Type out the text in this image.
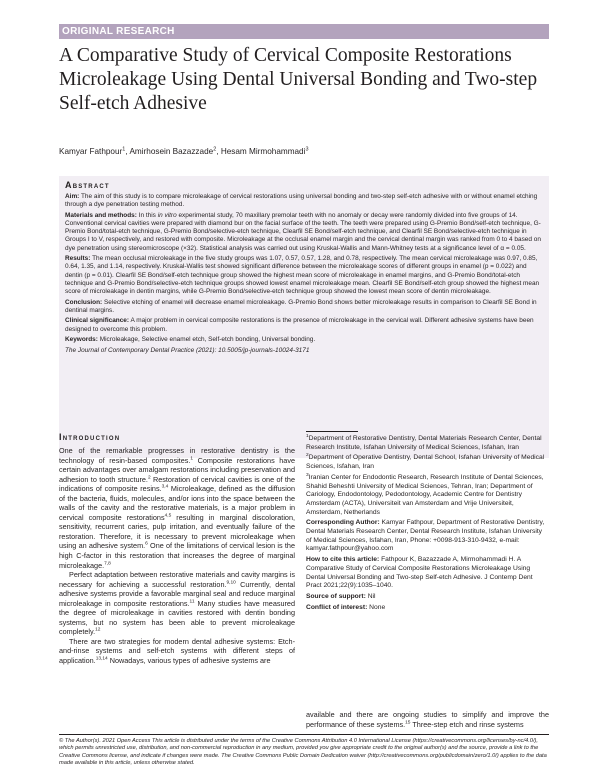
ORIGINAL RESEARCH
A Comparative Study of Cervical Composite Restorations Microleakage Using Dental Universal Bonding and Two-step Self-etch Adhesive
Kamyar Fathpour$^1$, Amirhosein Bazazzade$^2$, Hesam Mirmohammadi$^3$
Abstract

Aim: The aim of this study is to compare microleakage of cervical restorations using universal bonding and two-step self-etch adhesive with or without enamel etching through a dye penetration testing method.

Materials and methods: In this in vitro experimental study, 70 maxillary premolar teeth with no anomaly or decay were randomly divided into five groups of 14. Conventional cervical cavities were prepared with diamond bur on the facial surface of the teeth. The teeth were prepared using G-Premio Bond/self-etch technique, G-Premio Bond/total-etch technique, G-Premio Bond/selective-etch technique, Clearfil SE Bond/self-etch technique, and Clearfil SE Bond/selective-etch technique in Groups I to V, respectively, and restored with composite. Microleakage at the occlusal enamel margin and the cervical dentinal margin was ranked from 0 to 4 based on dye penetration using stereomicroscope (×32). Statistical analysis was carried out using Kruskal-Wallis and Mann-Whitney tests at a significance level of α = 0.05.

Results: The mean occlusal microleakage in the five study groups was 1.07, 0.57, 0.57, 1.28, and 0.78, respectively. The mean cervical microleakage was 0.97, 0.85, 0.64, 1.35, and 1.14, respectively. Kruskal-Wallis test showed significant difference between the microleakage scores of different groups in enamel (p = 0.022) and dentin (p = 0.01). Clearfil SE Bond/self-etch technique group showed the highest mean score of microleakage in enamel margins, and G-Premio Bond/total-etch technique and G-Premio Bond/selective-etch technique groups showed lowest enamel microleakage mean. Clearfil SE Bond/self-etch group showed the highest mean score of microleakage in dentin margins, while G-Premio Bond/selective-etch technique group showed the lowest mean score of dentin microleakage.

Conclusion: Selective etching of enamel will decrease enamel microleakage. G-Premio Bond shows better microleakage results in comparison to Clearfil SE Bond in dentinal margins.

Clinical significance: A major problem in cervical composite restorations is the presence of microleakage in the cervical wall. Different adhesive systems have been designed to overcome this problem.

Keywords: Microleakage, Selective enamel etch, Self-etch bonding, Universal bonding.

The Journal of Contemporary Dental Practice (2021): 10.5005/jp-journals-10024-3171

Introduction

One of the remarkable progresses in restorative dentistry is the technology of resin-based composites.$^1$ Composite restorations have certain advantages over amalgam restorations including preservation and adhesion to tooth structure.$^2$ Restoration of cervical cavities is one of the indications of composite resins.$^{3,4}$ Microleakage, defined as the diffusion of the bacteria, fluids, molecules, and/or ions into the space between the walls of the cavity and the restorative materials, is a major problem in cervical composite restorations$^{4,5}$ resulting in marginal discoloration, sensitivity, recurrent caries, pulp irritation, and eventually failure of the restoration. Therefore, it is necessary to prevent microleakage when using an adhesive system.$^6$ One of the limitations of cervical lesion is the high C-factor in this restoration that increases the degree of marginal microleakage.$^{7,8}$

Perfect adaptation between restorative materials and cavity margins is necessary for achieving a successful restoration.$^{9,10}$ Currently, dental adhesive systems provide a favorable marginal seal and reduce marginal microleakage in composite restorations.$^{11}$ Many studies have measured the degree of microleakage in cavities restored with dentin bonding systems, but no system has been able to prevent microleakage completely.$^{12}$

There are two strategies for modern dental adhesive systems: Etch-and-rinse systems and self-etch systems with different steps of application.$^{13,14}$ Nowadays, various types of adhesive systems are

$^1$Department of Restorative Dentistry, Dental Materials Research Center, Dental Research Institute, Isfahan University of Medical Sciences, Isfahan, Iran

$^2$Department of Operative Dentistry, Dental School, Isfahan University of Medical Sciences, Isfahan, Iran

$^3$Iranian Center for Endodontic Research, Research Institute of Dental Sciences, Shahid Beheshti University of Medical Sciences, Tehran, Iran; Department of Cariology, Endodontology, Pedodontology, Academic Centre for Dentistry Amsterdam (ACTA), Universiteit van Amsterdam and Vrije Universiteit, Amsterdam, Netherlands

Corresponding Author: Kamyar Fathpour, Department of Restorative Dentistry, Dental Materials Research Center, Dental Research Institute, Isfahan University of Medical Sciences, Isfahan, Iran, Phone: +0098-913-310-9432, e-mail: kamyar.fathpour@yahoo.com

How to cite this article: Fathpour K, Bazazzade A, Mirmohammadi H. A Comparative Study of Cervical Composite Restorations Microleakage Using Dental Universal Bonding and Two-step Self-etch Adhesive. J Contemp Dent Pract 2021;22(9):1035–1040.

Source of support: Nil

Conflict of interest: None

available and there are ongoing studies to simplify and improve the performance of these systems.$^{15}$ Three-step etch and rinse systems
© The Author(s). 2021 Open Access This article is distributed under the terms of the Creative Commons Attribution 4.0 International License (https://creativecommons.org/licenses/by-nc/4.0/), which permits unrestricted use, distribution, and non-commercial reproduction in any medium, provided you give appropriate credit to the original author(s) and the source, provide a link to the Creative Commons license, and indicate if changes were made. The Creative Commons Public Domain Dedication waiver (http://creativecommons.org/publicdomain/zero/1.0/) applies to the data made available in this article, unless otherwise stated.
